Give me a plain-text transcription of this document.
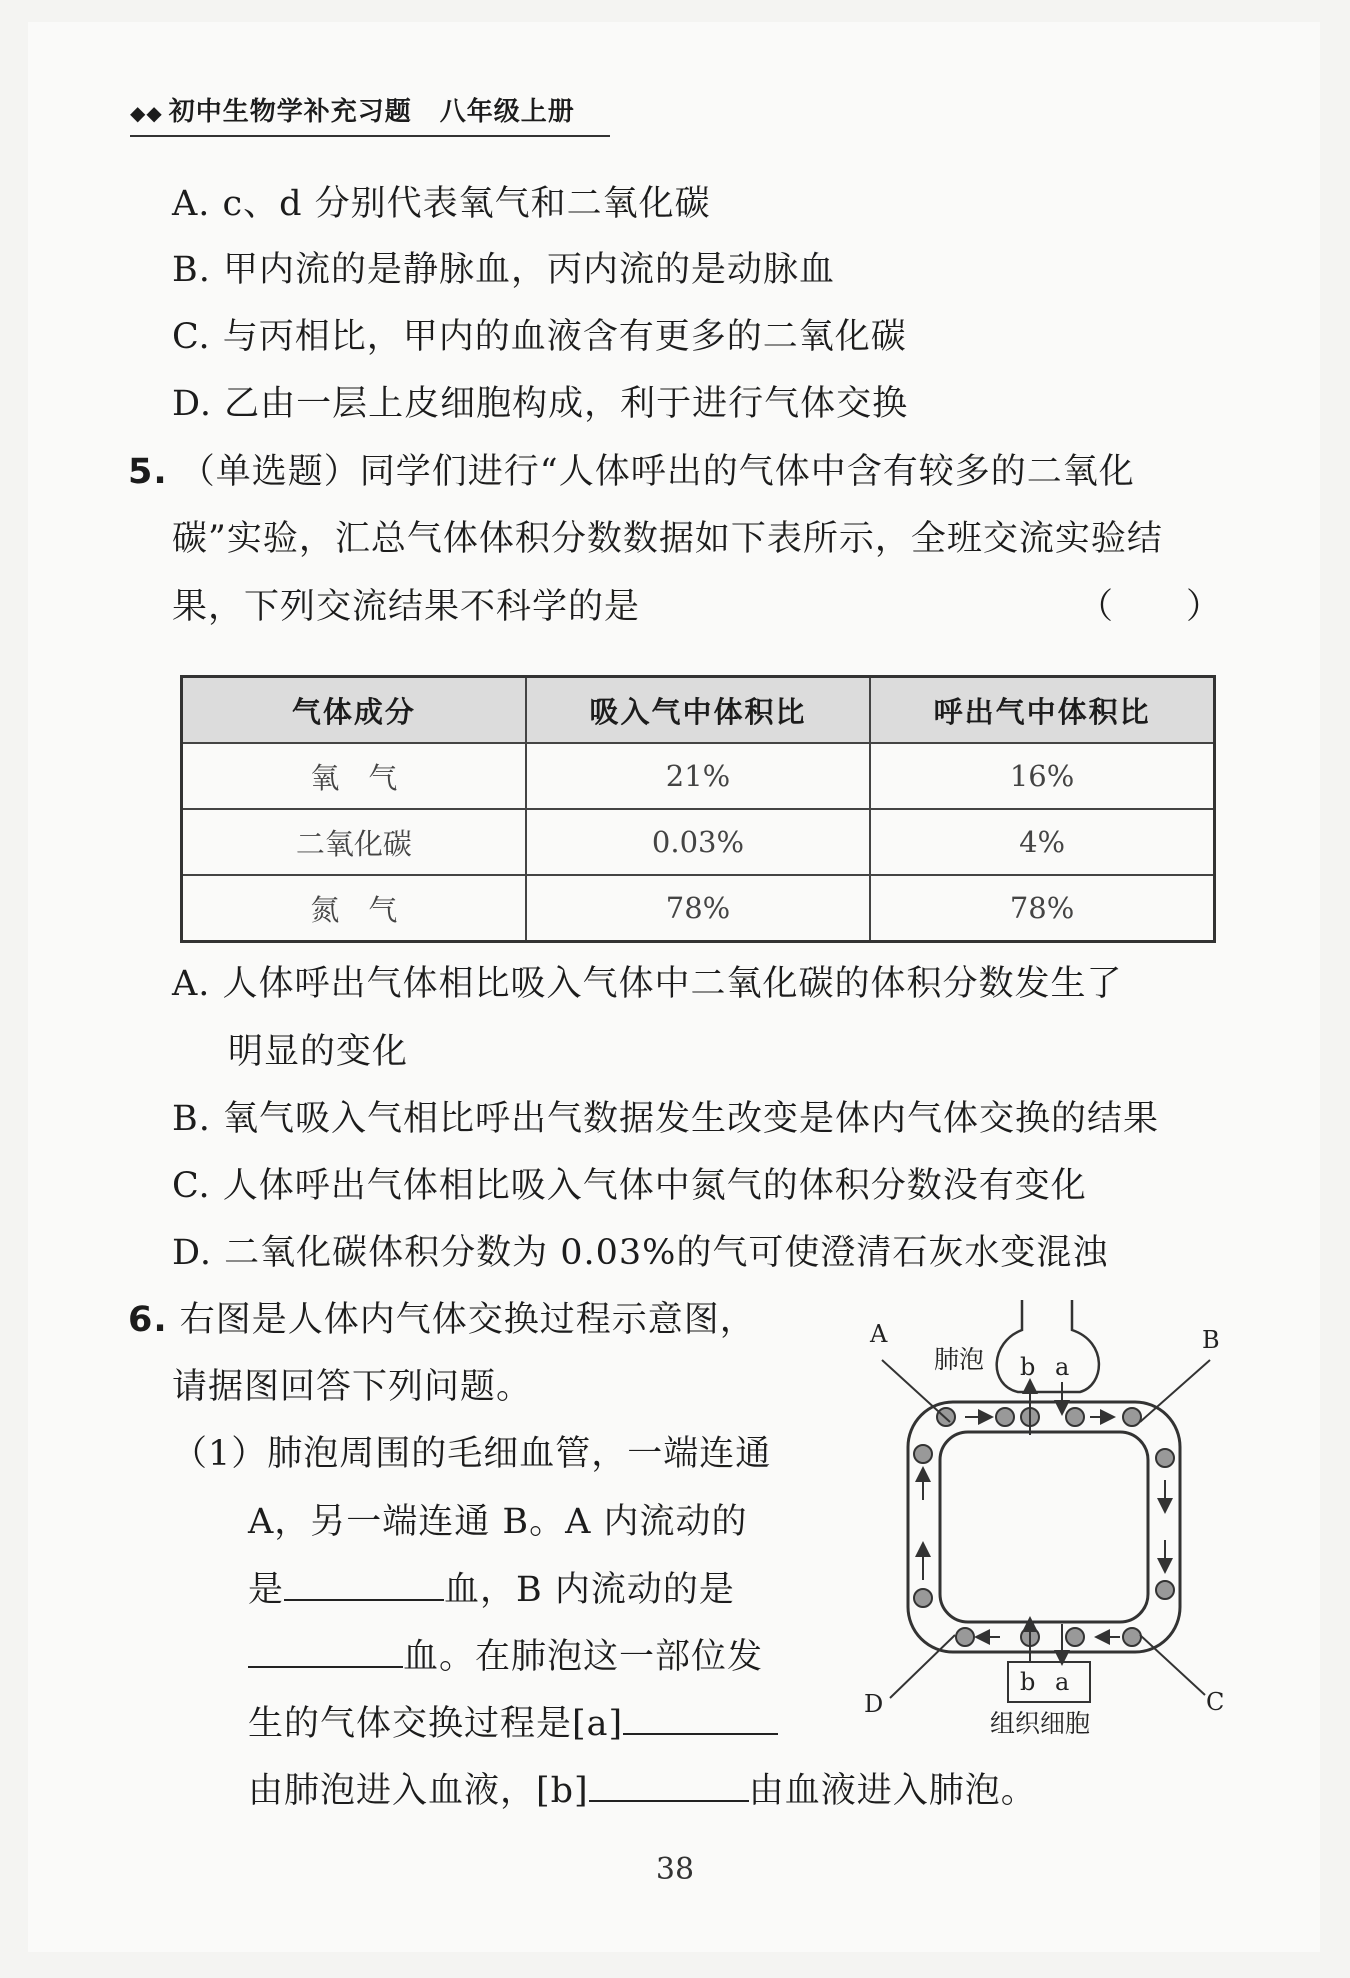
◆◆ 初中生物学补充习题 八年级上册
A. c、d 分别代表氧气和二氧化碳
B. 甲内流的是静脉血，丙内流的是动脉血
C. 与丙相比，甲内的血液含有更多的二氧化碳
D. 乙由一层上皮细胞构成，利于进行气体交换
5. （单选题）同学们进行“人体呼出的气体中含有较多的二氧化
碳”实验，汇总气体体积分数数据如下表所示，全班交流实验结
果，下列交流结果不科学的是	（　　）
气体成分	吸入气中体积比	呼出气中体积比
氧　气	21%	16%
二氧化碳	0.03%	4%
氮　气	78%	78%
A. 人体呼出气体相比吸入气体中二氧化碳的体积分数发生了
明显的变化
B. 氧气吸入气相比呼出气数据发生改变是体内气体交换的结果
C. 人体呼出气体相比吸入气体中氮气的体积分数没有变化
D. 二氧化碳体积分数为 0.03%的气可使澄清石灰水变混浊
6. 右图是人体内气体交换过程示意图，
请据图回答下列问题。
（1）肺泡周围的毛细血管，一端连通
A，另一端连通 B。A 内流动的
是	血，B 内流动的是
血。在肺泡这一部位发
生的气体交换过程是[a]
由肺泡进入血液，[b]	由血液进入肺泡。
A	B
C
D
肺泡 b a
b a
组织细胞
38
